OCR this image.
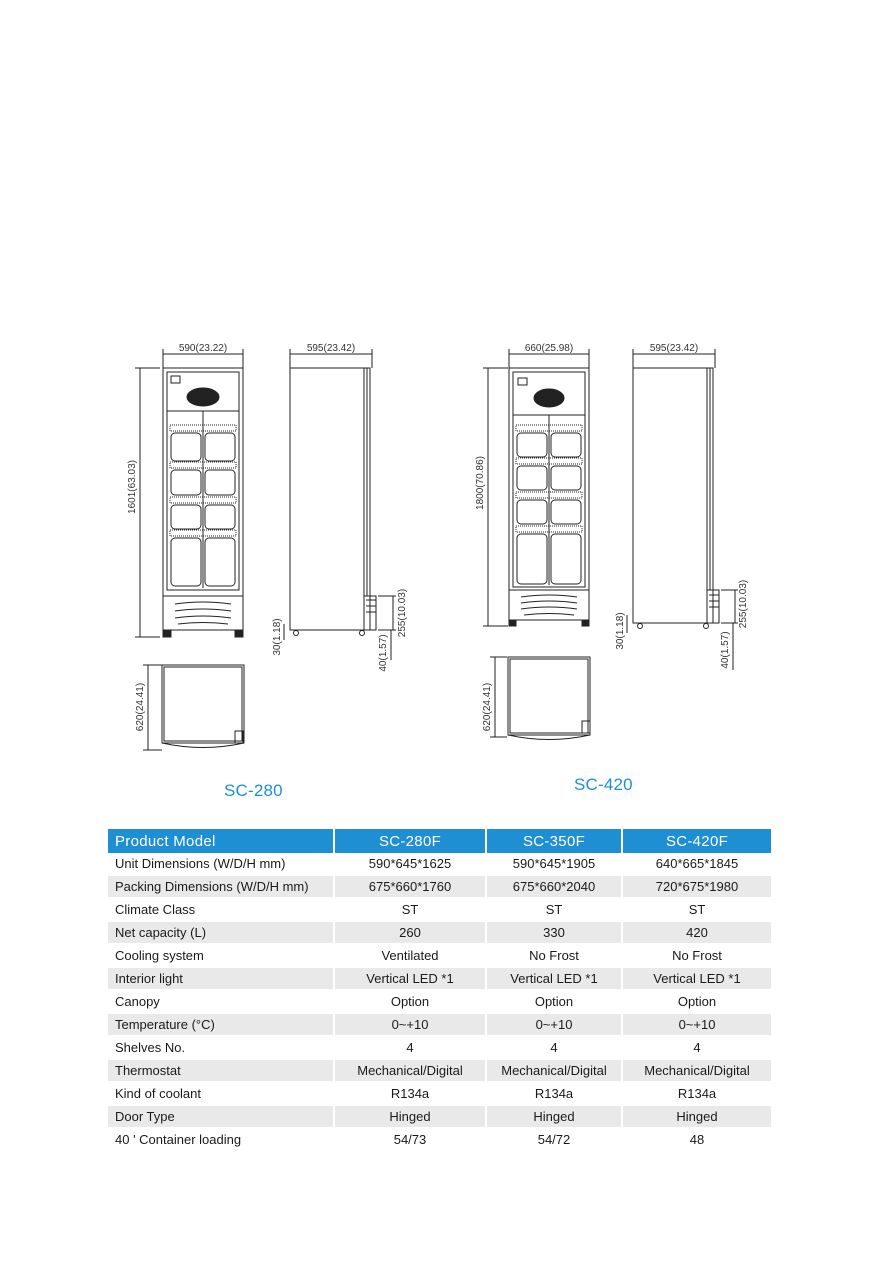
590(23.22)
1601(63.03)
595(23.42)
30(1.18)	255(10.03)
40(1.57)
620(24.41)
660(25.98)
1800(70.86)
595(23.42)
30(1.18)
255(10.03)
40(1.57)
620(24.41)
SC-280	SC-420
Product Model	SC-280F	SC-350F	SC-420F
Unit Dimensions (W/D/H mm)	590*645*1625	590*645*1905	640*665*1845
Packing Dimensions (W/D/H mm)	675*660*1760	675*660*2040	720*675*1980
Climate Class	ST	ST	ST
Net capacity (L)	260	330	420
Cooling system	Ventilated	No Frost	No Frost
Interior light	Vertical LED *1	Vertical LED *1	Vertical LED *1
Canopy	Option	Option	Option
Temperature (°C)	0~+10	0~+10	0~+10
Shelves No.	4	4	4
Thermostat	Mechanical/Digital	Mechanical/Digital	Mechanical/Digital
Kind of coolant	R134a	R134a	R134a
Door Type	Hinged	Hinged	Hinged
40 ' Container loading	54/73	54/72	48
